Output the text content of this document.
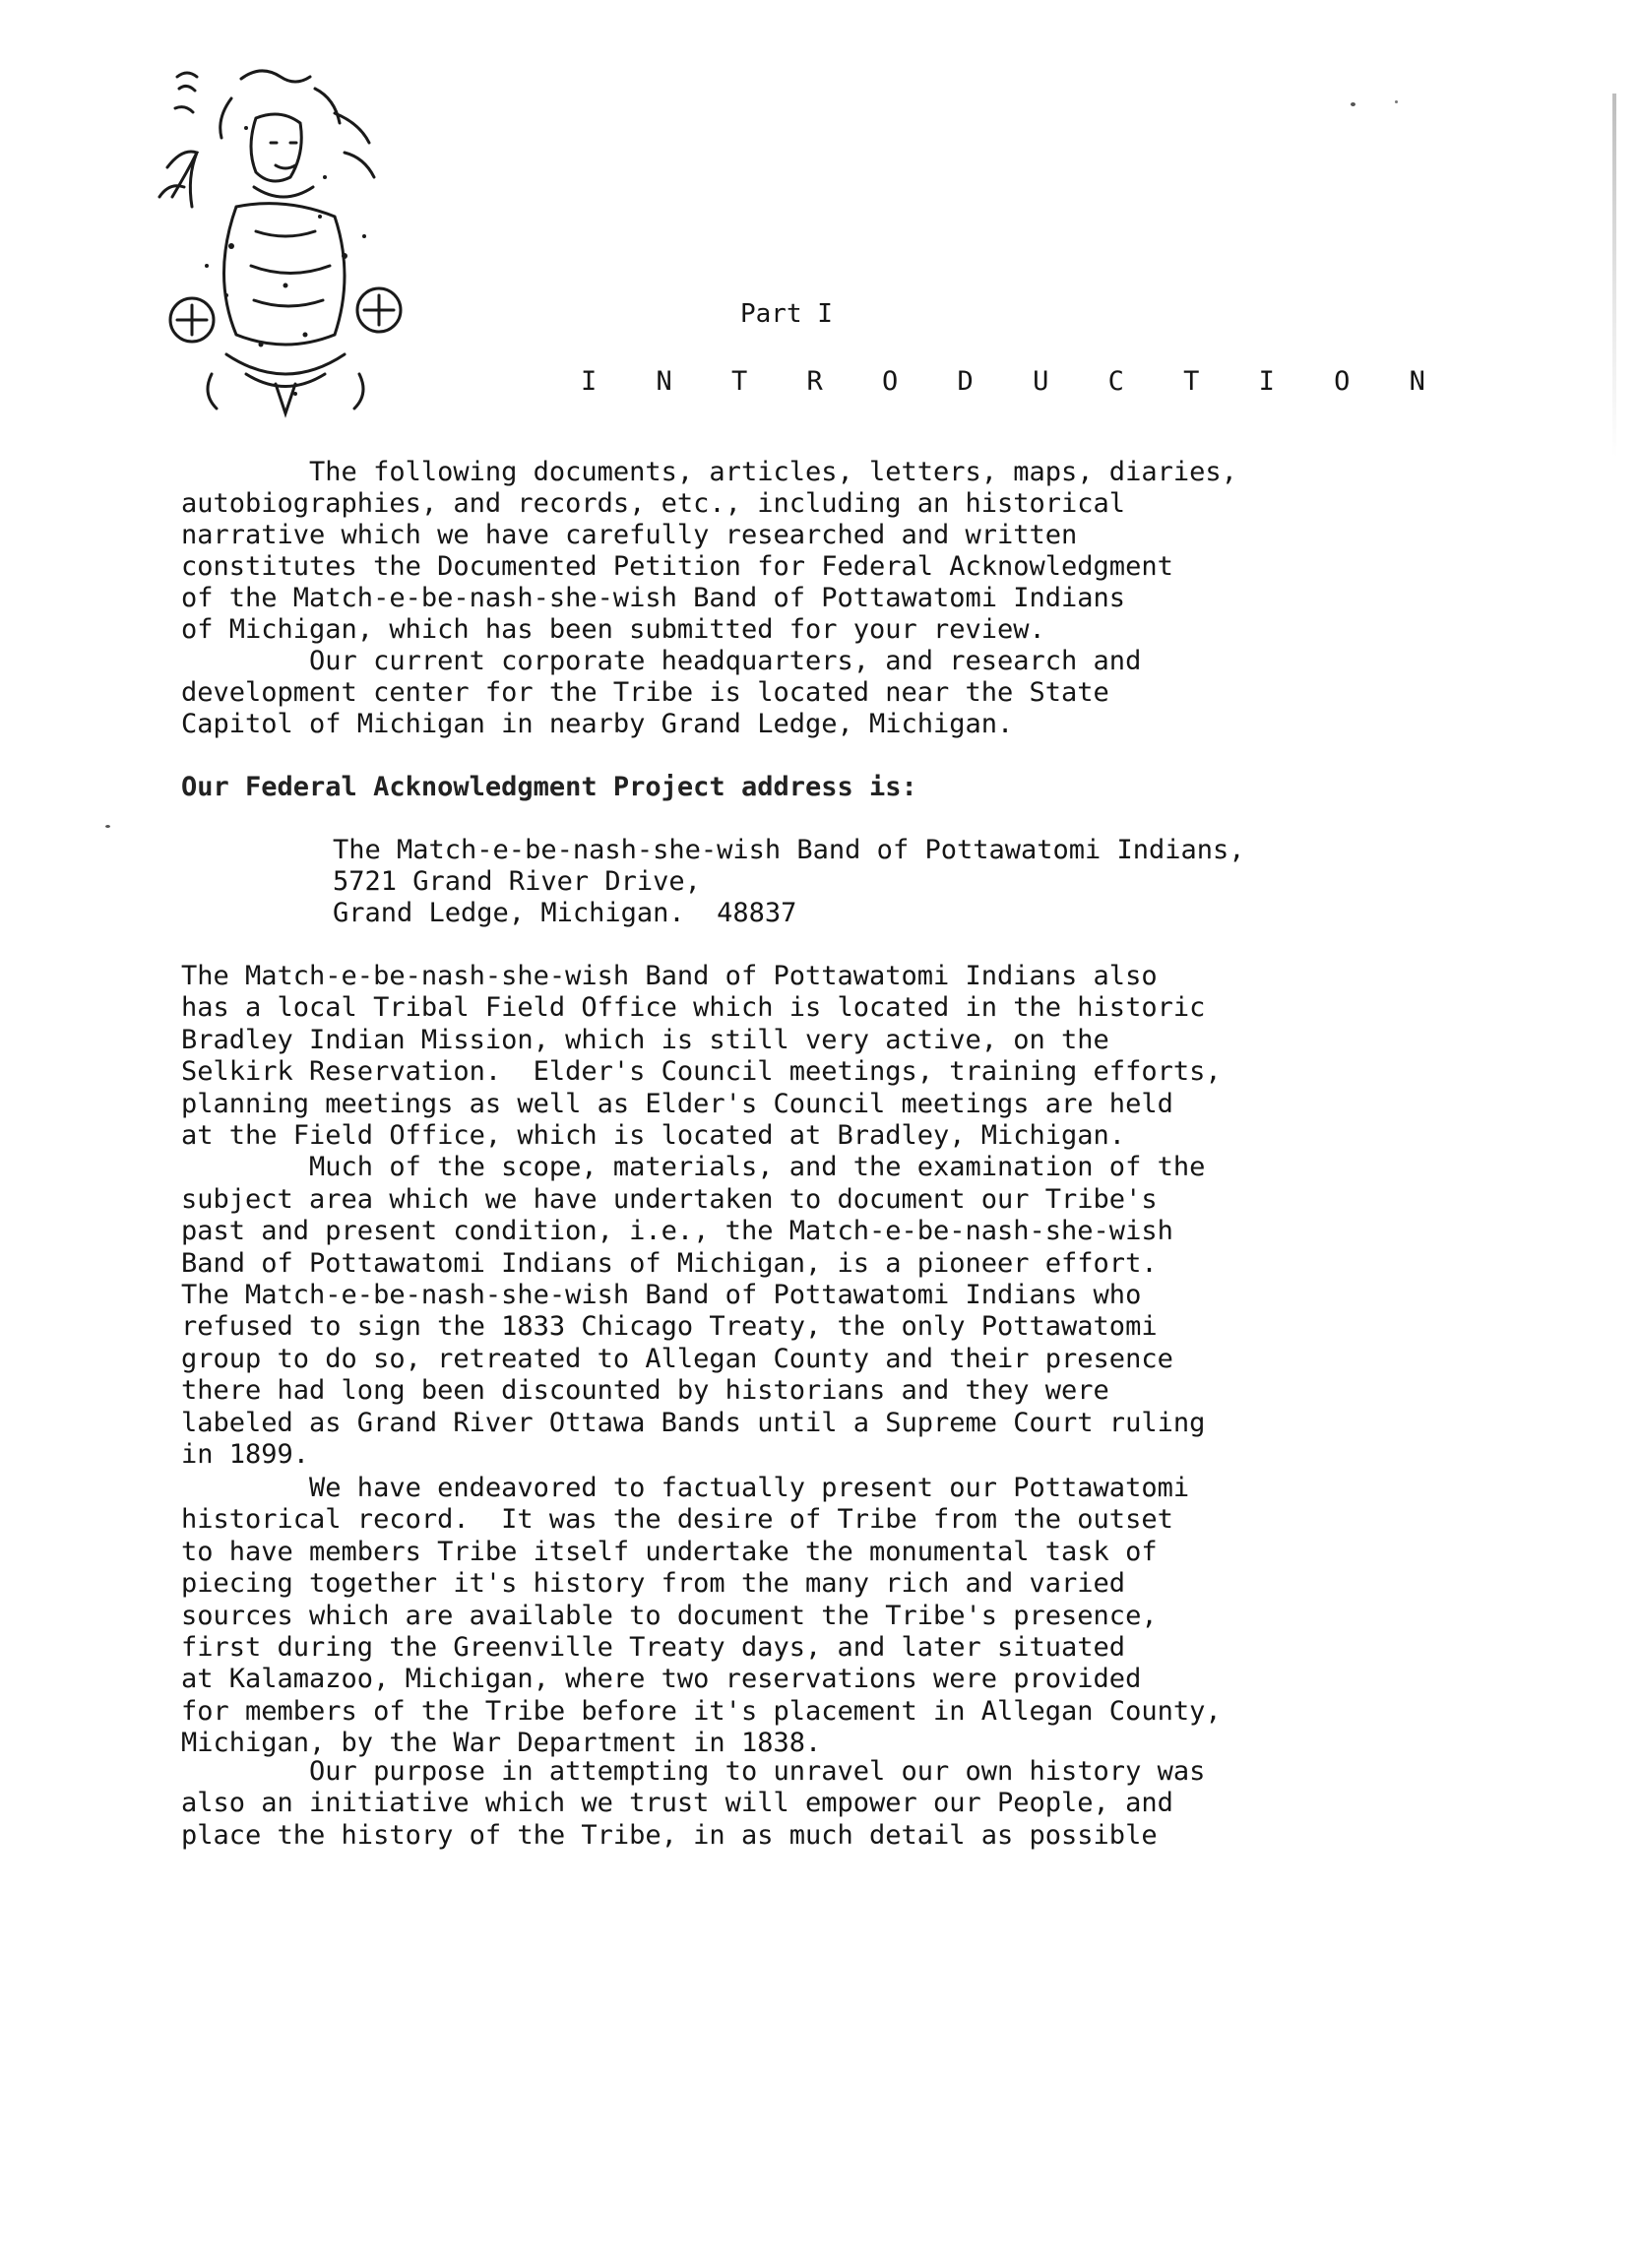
Part I
I N T R O D U C T I O N
The following documents, articles, letters, maps, diaries,
autobiographies, and records, etc., including an historical
narrative which we have carefully researched and written
constitutes the Documented Petition for Federal Acknowledgment
of the Match-e-be-nash-she-wish Band of Pottawatomi Indians
of Michigan, which has been submitted for your review.
Our current corporate headquarters, and research and
development center for the Tribe is located near the State
Capitol of Michigan in nearby Grand Ledge, Michigan.
Our Federal Acknowledgment Project address is:
The Match-e-be-nash-she-wish Band of Pottawatomi Indians,
5721 Grand River Drive,
Grand Ledge, Michigan.  48837
The Match-e-be-nash-she-wish Band of Pottawatomi Indians also
has a local Tribal Field Office which is located in the historic
Bradley Indian Mission, which is still very active, on the
Selkirk Reservation.  Elder's Council meetings, training efforts,
planning meetings as well as Elder's Council meetings are held
at the Field Office, which is located at Bradley, Michigan.
Much of the scope, materials, and the examination of the
subject area which we have undertaken to document our Tribe's
past and present condition, i.e., the Match-e-be-nash-she-wish
Band of Pottawatomi Indians of Michigan, is a pioneer effort.
The Match-e-be-nash-she-wish Band of Pottawatomi Indians who
refused to sign the 1833 Chicago Treaty, the only Pottawatomi
group to do so, retreated to Allegan County and their presence
there had long been discounted by historians and they were
labeled as Grand River Ottawa Bands until a Supreme Court ruling
in 1899.
We have endeavored to factually present our Pottawatomi
historical record.  It was the desire of Tribe from the outset
to have members Tribe itself undertake the monumental task of
piecing together it's history from the many rich and varied
sources which are available to document the Tribe's presence,
first during the Greenville Treaty days, and later situated
at Kalamazoo, Michigan, where two reservations were provided
for members of the Tribe before it's placement in Allegan County,
Michigan, by the War Department in 1838.
Our purpose in attempting to unravel our own history was
also an initiative which we trust will empower our People, and
place the history of the Tribe, in as much detail as possible
